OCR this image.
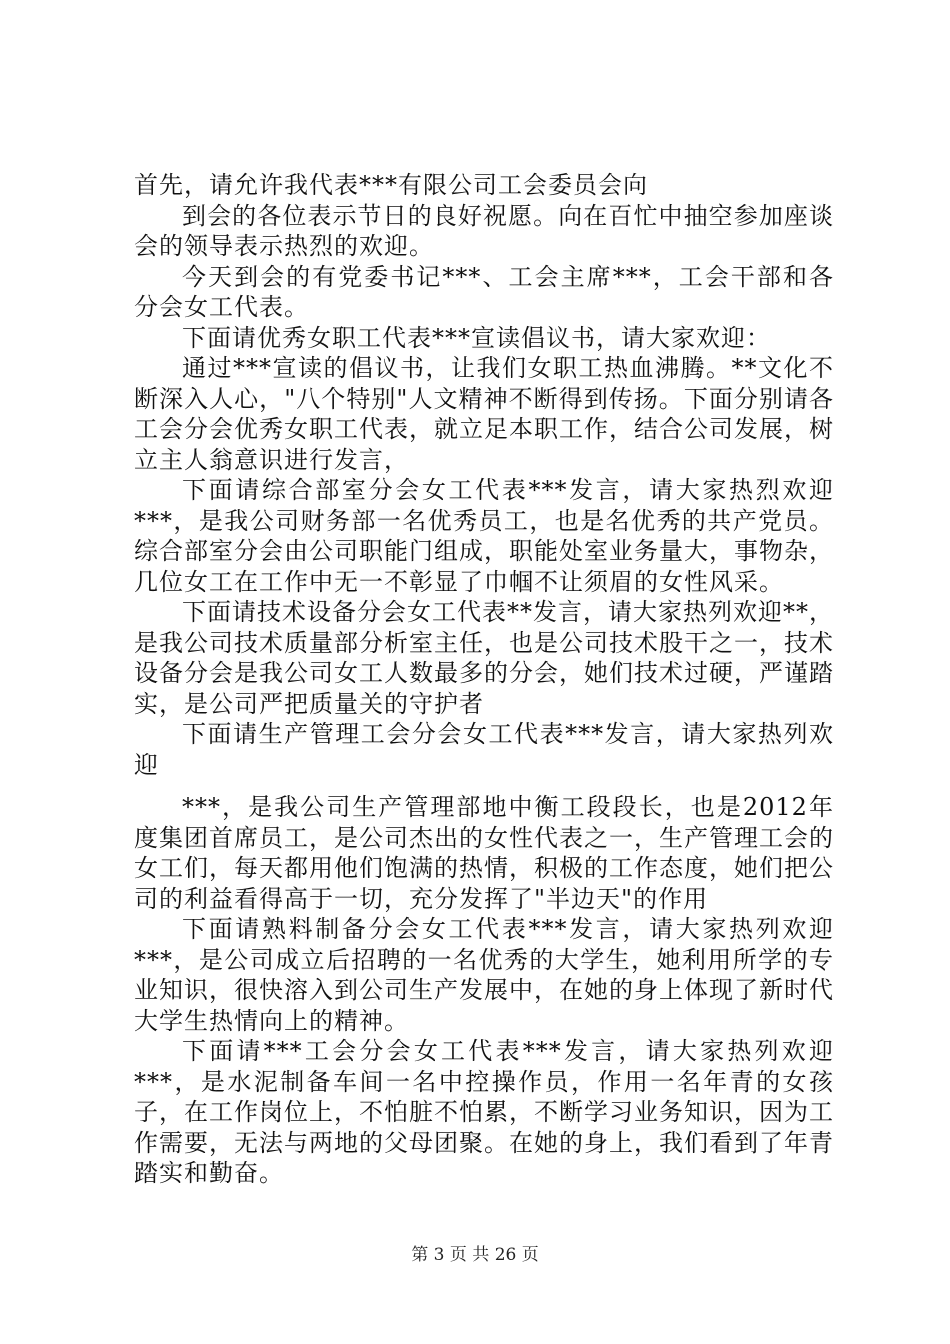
首先，请允许我代表***有限公司工会委员会向

到会的各位表示节日的良好祝愿。向在百忙中抽空参加座谈会的领导表示热烈的欢迎。

今天到会的有党委书记***、工会主席***，工会干部和各分会女工代表。

下面请优秀女职工代表***宣读倡议书，请大家欢迎：

通过***宣读的倡议书，让我们女职工热血沸腾。**文化不断深入人心，"八个特别"人文精神不断得到传扬。下面分别请各工会分会优秀女职工代表，就立足本职工作，结合公司发展，树立主人翁意识进行发言，

下面请综合部室分会女工代表***发言，请大家热烈欢迎***，是我公司财务部一名优秀员工，也是名优秀的共产党员。综合部室分会由公司职能门组成，职能处室业务量大，事物杂，几位女工在工作中无一不彰显了巾帼不让须眉的女性风采。

下面请技术设备分会女工代表**发言，请大家热列欢迎**，是我公司技术质量部分析室主任，也是公司技术股干之一，技术设备分会是我公司女工人数最多的分会，她们技术过硬，严谨踏实，是公司严把质量关的守护者

下面请生产管理工会分会女工代表***发言，请大家热列欢迎

***，是我公司生产管理部地中衡工段段长，也是2012年度集团首席员工，是公司杰出的女性代表之一，生产管理工会的女工们，每天都用他们饱满的热情，积极的工作态度，她们把公司的利益看得高于一切，充分发挥了"半边天"的作用

下面请熟料制备分会女工代表***发言，请大家热列欢迎***，是公司成立后招聘的一名优秀的大学生，她利用所学的专业知识，很快溶入到公司生产发展中，在她的身上体现了新时代大学生热情向上的精神。

下面请***工会分会女工代表***发言，请大家热列欢迎***，是水泥制备车间一名中控操作员，作用一名年青的女孩子，在工作岗位上，不怕脏不怕累，不断学习业务知识，因为工作需要，无法与两地的父母团聚。在她的身上，我们看到了年青踏实和勤奋。

第 3 页 共 26 页
